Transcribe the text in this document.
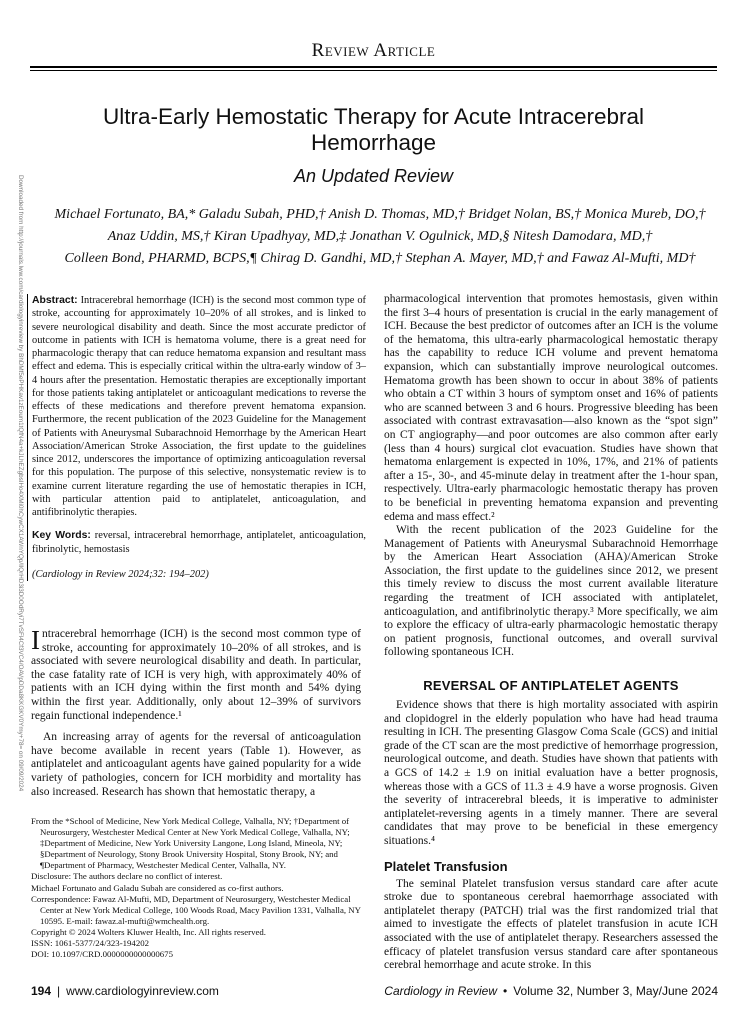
Review Article
Ultra-Early Hemostatic Therapy for Acute Intracerebral Hemorrhage
An Updated Review
Michael Fortunato, BA,* Galadu Subah, PHD,† Anish D. Thomas, MD,† Bridget Nolan, BS,† Monica Mureb, DO,†
Anaz Uddin, MS,† Kiran Upadhyay, MD,‡ Jonathan V. Ogulnick, MD,§ Nitesh Damodara, MD,†
Colleen Bond, PHARMD, BCPS,¶ Chirag D. Gandhi, MD,† Stephan A. Mayer, MD,† and Fawaz Al-Mufti, MD†
Downloaded from http://journals.lww.com/cardiologyinreview by BhDMf5ePHKav1zEoum1tQfN4a+kJLhEZgbsIHo4XMi0hCywCX1AWnYQp/IlQrHD3i3D0OdRyi7TvSFl4Cf3VC4/OAVpDDa8KKGKV0Ymy+78= on 09/09/2024 Abstract: Intracerebral hemorrhage (ICH) is the second most common type of stroke, accounting for approximately 10–20% of all strokes, and is linked to severe neurological disability and death. Since the most accurate predictor of outcome in patients with ICH is hematoma volume, there is a great need for pharmacologic therapy that can reduce hematoma expansion and resultant mass effect and edema. This is especially critical within the ultra-early window of 3–4 hours after the presentation. Hemostatic therapies are exceptionally important for those patients taking antiplatelet or anticoagulant medications to reverse the effects of these medications and therefore prevent hematoma expansion. Furthermore, the recent publication of the 2023 Guideline for the Management of Patients with Aneurysmal Subarachnoid Hemorrhage by the American Heart Association/American Stroke Association, the first update to the guidelines since 2012, underscores the importance of optimizing anticoagulation reversal for this population. The purpose of this selective, nonsystematic review is to examine current literature regarding the use of hemostatic therapies in ICH, with particular attention paid to antiplatelet, anticoagulation, and antifibrinolytic therapies.

Key Words: reversal, intracerebral hemorrhage, antiplatelet, anticoagulation, fibrinolytic, hemostasis

(Cardiology in Review 2024;32: 194–202)

Intracerebral hemorrhage (ICH) is the second most common type of stroke, accounting for approximately 10–20% of all strokes, and is associated with severe neurological disability and death. In particular, the case fatality rate of ICH is very high, with approximately 40% of patients with an ICH dying within the first month and 54% dying within the first year. Additionally, only about 12–39% of survivors regain functional independence.¹

An increasing array of agents for the reversal of anticoagulation have become available in recent years (Table 1). However, as antiplatelet and anticoagulant agents have gained popularity for a wide variety of pathologies, concern for ICH morbidity and mortality has also increased. Research has shown that hemostatic therapy, a

From the *School of Medicine, New York Medical College, Valhalla, NY; †Department of Neurosurgery, Westchester Medical Center at New York Medical College, Valhalla, NY; ‡Department of Medicine, New York University Langone, Long Island, Mineola, NY; §Department of Neurology, Stony Brook University Hospital, Stony Brook, NY; and ¶Department of Pharmacy, Westchester Medical Center, Valhalla, NY.

Disclosure: The authors declare no conflict of interest.

Michael Fortunato and Galadu Subah are considered as co-first authors.

Correspondence: Fawaz Al-Mufti, MD, Department of Neurosurgery, Westchester Medical Center at New York Medical College, 100 Woods Road, Macy Pavilion 1331, Valhalla, NY 10595. E-mail: fawaz.al-mufti@wmchealth.org.

Copyright © 2024 Wolters Kluwer Health, Inc. All rights reserved.

ISSN: 1061-5377/24/323-194202

DOI: 10.1097/CRD.0000000000000675

pharmacological intervention that promotes hemostasis, given within the first 3–4 hours of presentation is crucial in the early management of ICH. Because the best predictor of outcomes after an ICH is the volume of the hematoma, this ultra-early pharmacological hemostatic therapy has the capability to reduce ICH volume and prevent hematoma expansion, which can substantially improve neurological outcomes. Hematoma growth has been shown to occur in about 38% of patients who obtain a CT within 3 hours of symptom onset and 16% of patients who are scanned between 3 and 6 hours. Progressive bleeding has been associated with contrast extravasation—also known as the “spot sign” on CT angiography—and poor outcomes are also common after early (less than 4 hours) surgical clot evacuation. Studies have shown that hematoma enlargement is expected in 10%, 17%, and 21% of patients after a 15-, 30-, and 45-minute delay in treatment after the 1-hour span, respectively. Ultra-early pharmacologic hemostatic therapy has proven to be beneficial in preventing hematoma expansion and preventing edema and mass effect.²

With the recent publication of the 2023 Guideline for the Management of Patients with Aneurysmal Subarachnoid Hemorrhage by the American Heart Association (AHA)/American Stroke Association, the first update to the guidelines since 2012, we present this timely review to discuss the most current available literature regarding the treatment of ICH associated with antiplatelet, anticoagulation, and antifibrinolytic therapy.³ More specifically, we aim to explore the efficacy of ultra-early pharmacologic hemostatic therapy on patient prognosis, functional outcomes, and overall survival following spontaneous ICH.

REVERSAL OF ANTIPLATELET AGENTS

Evidence shows that there is high mortality associated with aspirin and clopidogrel in the elderly population who have had head trauma resulting in ICH. The presenting Glasgow Coma Scale (GCS) and initial grade of the CT scan are the most predictive of hemorrhage progression, neurological outcome, and death. Studies have shown that patients with a GCS of 14.2 ± 1.9 on initial evaluation have a better prognosis, whereas those with a GCS of 11.3 ± 4.9 have a worse prognosis. Given the severity of intracerebral bleeds, it is imperative to administer antiplatelet-reversing agents in a timely manner. There are several candidates that may prove to be beneficial in these emergency situations.⁴

Platelet Transfusion

The seminal Platelet transfusion versus standard care after acute stroke due to spontaneous cerebral haemorrhage associated with antiplatelet therapy (PATCH) trial was the first randomized trial that aimed to investigate the effects of platelet transfusion in acute ICH associated with the use of antiplatelet therapy. Researchers assessed the efficacy of platelet transfusion versus standard care after spontaneous cerebral hemorrhage and acute stroke. In this

194 | www.cardiologyinreview.com	Cardiology in Review • Volume 32, Number 3, May/June 2024
